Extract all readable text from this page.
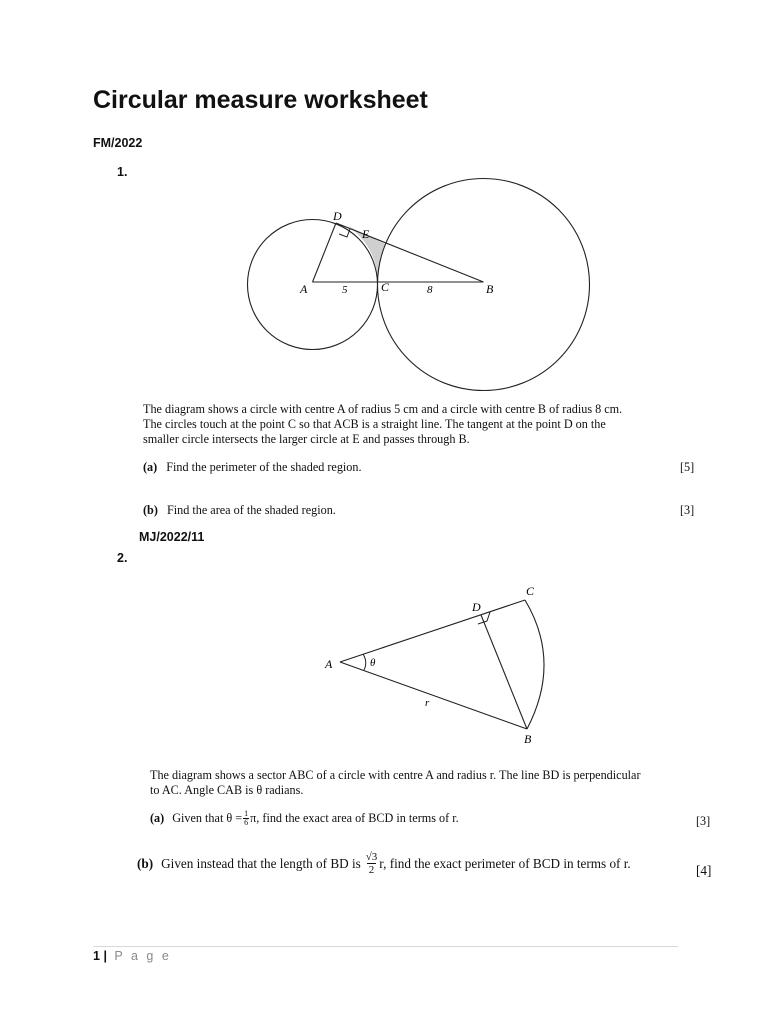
Circular measure worksheet
FM/2022
1.
D
E
A	5	C	8	B
The diagram shows a circle with centre A of radius 5 cm and a circle with centre B of radius 8 cm.
The circles touch at the point C so that ACB is a straight line. The tangent at the point D on the
smaller circle intersects the larger circle at E and passes through B.
(a) Find the perimeter of the shaded region.	[5]
(b) Find the area of the shaded region.	[3]
MJ/2022/11
2.
C
D
A	θ
r
B
The diagram shows a sector ABC of a circle with centre A and radius r. The line BD is perpendicular
to AC. Angle CAB is θ radians.
(a) Given that $\theta = \frac{1}{6} \pi$, find the exact area of BCD in terms of r.	[3]
(b) Given instead that the length of BD is $\frac{√3}{2} r$, find the exact perimeter of BCD in terms of r.	[4]
1 | P a g e
